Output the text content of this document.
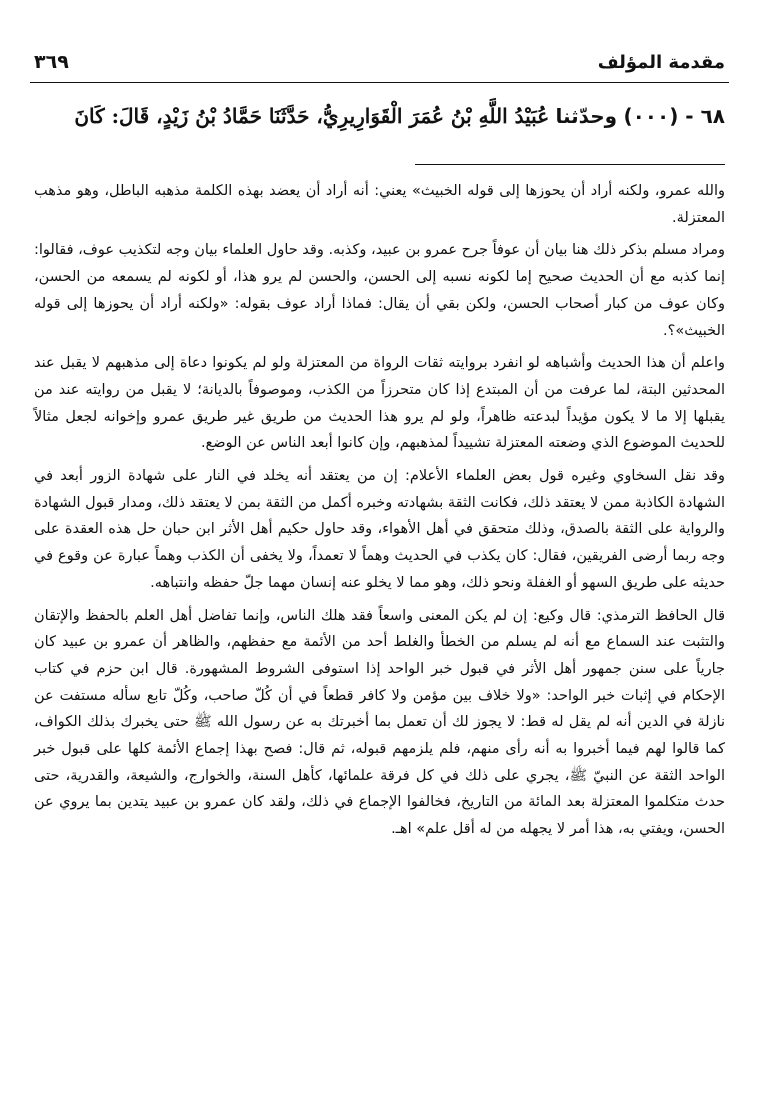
مقدمة المؤلف
٣٦٩
٦٨ - (٠٠٠) وحدّثنا عُبَيْدُ اللَّهِ بْنُ عُمَرَ الْقَوَارِيرِيُّ، حَدَّثَنَا حَمَّادُ بْنُ زَيْدٍ، قَالَ: كَانَ

والله عمرو، ولكنه أراد أن يحوزها إلى قوله الخبيث» يعني: أنه أراد أن يعضد بهذه الكلمة مذهبه الباطل، وهو مذهب المعتزلة.

ومراد مسلم بذكر ذلك هنا بيان أن عوفاً جرح عمرو بن عبيد، وكذبه. وقد حاول العلماء بيان وجه لتكذيب عوف، فقالوا: إنما كذبه مع أن الحديث صحيح إما لكونه نسبه إلى الحسن، والحسن لم يرو هذا، أو لكونه لم يسمعه من الحسن، وكان عوف من كبار أصحاب الحسن، ولكن بقي أن يقال: فماذا أراد عوف بقوله: «ولكنه أراد أن يحوزها إلى قوله الخبيث»؟.

واعلم أن هذا الحديث وأشباهه لو انفرد بروايته ثقات الرواة من المعتزلة ولو لم يكونوا دعاة إلى مذهبهم لا يقبل عند المحدثين البتة، لما عرفت من أن المبتدع إذا كان متحرزاً من الكذب، وموصوفاً بالديانة؛ لا يقبل من روايته عند من يقبلها إلا ما لا يكون مؤيداً لبدعته ظاهراً، ولو لم يرو هذا الحديث من طريق غير طريق عمرو وإخوانه لجعل مثالاً للحديث الموضوع الذي وضعته المعتزلة تشييداً لمذهبهم، وإن كانوا أبعد الناس عن الوضع.

وقد نقل السخاوي وغيره قول بعض العلماء الأعلام: إن من يعتقد أنه يخلد في النار على شهادة الزور أبعد في الشهادة الكاذبة ممن لا يعتقد ذلك، فكانت الثقة بشهادته وخبره أكمل من الثقة بمن لا يعتقد ذلك، ومدار قبول الشهادة والرواية على الثقة بالصدق، وذلك متحقق في أهل الأهواء، وقد حاول حكيم أهل الأثر ابن حبان حل هذه العقدة على وجه ربما أرضى الفريقين، فقال: كان يكذب في الحديث وهماً لا تعمداً، ولا يخفى أن الكذب وهماً عبارة عن وقوع في حديثه على طريق السهو أو الغفلة ونحو ذلك، وهو مما لا يخلو عنه إنسان مهما جلّ حفظه وانتباهه.

قال الحافظ الترمذي: قال وكيع: إن لم يكن المعنى واسعاً فقد هلك الناس، وإنما تفاضل أهل العلم بالحفظ والإتقان والتثبت عند السماع مع أنه لم يسلم من الخطأ والغلط أحد من الأئمة مع حفظهم، والظاهر أن عمرو بن عبيد كان جارياً على سنن جمهور أهل الأثر في قبول خبر الواحد إذا استوفى الشروط المشهورة. قال ابن حزم في كتاب الإحكام في إثبات خبر الواحد: «ولا خلاف بين مؤمن ولا كافر قطعاً في أن كُلّ صاحب، وكُلّ تابع سأله مستفت عن نازلة في الدين أنه لم يقل له قط: لا يجوز لك أن تعمل بما أخبرتك به عن رسول الله ﷺ حتى يخبرك بذلك الكواف، كما قالوا لهم فيما أخبروا به أنه رأى منهم، فلم يلزمهم قبوله، ثم قال: فصح بهذا إجماع الأئمة كلها على قبول خبر الواحد الثقة عن النبيّ ﷺ، يجري على ذلك في كل فرقة علمائها، كأهل السنة، والخوارج، والشيعة، والقدرية، حتى حدث متكلموا المعتزلة بعد المائة من التاريخ، فخالفوا الإجماع في ذلك، ولقد كان عمرو بن عبيد يتدين بما يروي عن الحسن، ويفتي به، هذا أمر لا يجهله من له أقل علم» اهـ.
